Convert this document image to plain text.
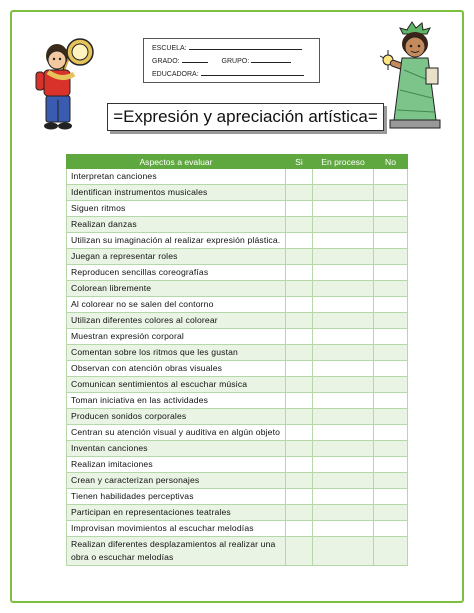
ESCUELA:
GRADO:	GRUPO:
EDUCADORA:
=Expresión y apreciación artística=
Aspectos a evaluar	Si	En proceso	No
Interpretan canciones			
Identifican instrumentos musicales			
Siguen ritmos			
Realizan danzas			
Utilizan su imaginación al realizar expresión plástica.			
Juegan a representar roles			
Reproducen sencillas coreografías			
Colorean libremente			
Al colorear no se salen del contorno			
Utilizan diferentes colores al colorear			
Muestran expresión corporal			
Comentan sobre los ritmos que les gustan			
Observan con atención obras visuales			
Comunican sentimientos al escuchar música			
Toman iniciativa en las actividades			
Producen sonidos corporales			
Centran su atención visual y auditiva en algún objeto			
Inventan canciones			
Realizan imitaciones			
Crean y caracterizan personajes			
Tienen habilidades perceptivas			
Participan en representaciones teatrales			
Improvisan movimientos al escuchar melodías			
Realizan diferentes desplazamientos al realizar una obra o escuchar melodías			
